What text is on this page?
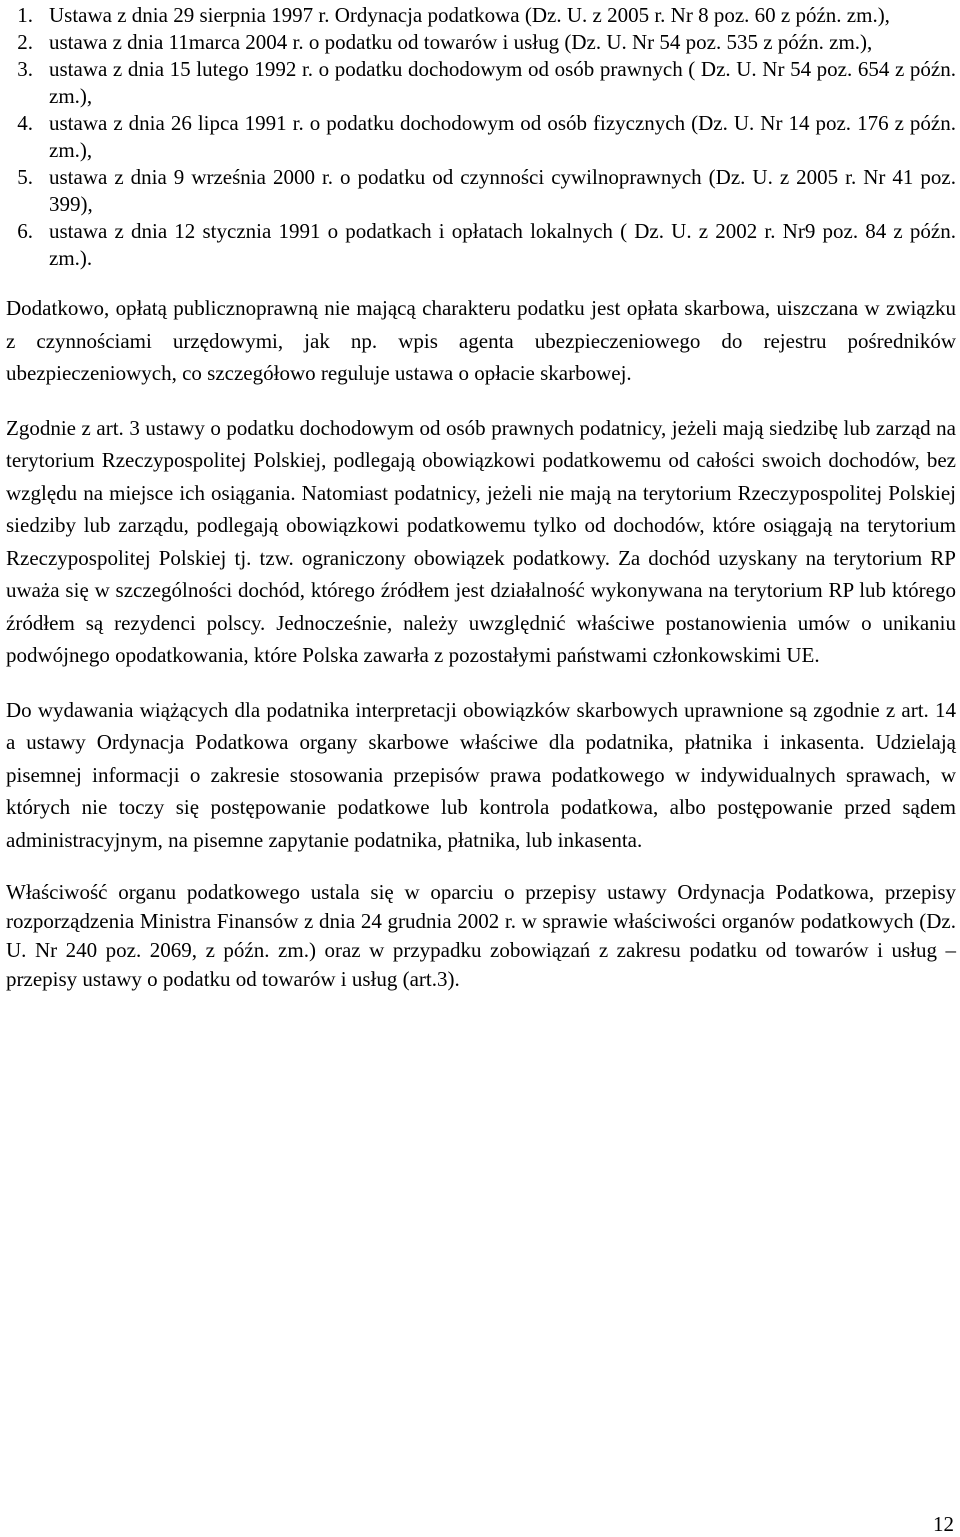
1. Ustawa z dnia 29 sierpnia 1997 r. Ordynacja podatkowa (Dz. U. z 2005 r. Nr 8 poz. 60 z późn. zm.),
2. ustawa z dnia 11marca 2004 r. o podatku od towarów i usług (Dz. U. Nr 54 poz. 535 z późn. zm.),
3. ustawa z dnia 15 lutego 1992 r. o podatku dochodowym od osób prawnych ( Dz. U. Nr 54 poz. 654 z późn. zm.),
4. ustawa z dnia 26 lipca 1991 r. o podatku dochodowym od osób fizycznych (Dz. U. Nr 14 poz. 176 z późn. zm.),
5. ustawa z dnia 9 września 2000 r. o podatku od czynności cywilnoprawnych (Dz. U. z 2005 r. Nr 41 poz. 399),
6. ustawa z dnia 12 stycznia 1991 o podatkach i opłatach lokalnych ( Dz. U. z 2002 r. Nr9 poz. 84 z późn. zm.).

Dodatkowo, opłatą publicznoprawną nie mającą charakteru podatku jest opłata skarbowa, uiszczana w związku z czynnościami urzędowymi, jak np. wpis agenta ubezpieczeniowego do rejestru pośredników ubezpieczeniowych, co szczegółowo reguluje ustawa o opłacie skarbowej.

Zgodnie z art. 3 ustawy o podatku dochodowym od osób prawnych podatnicy, jeżeli mają siedzibę lub zarząd na terytorium Rzeczypospolitej Polskiej, podlegają obowiązkowi podatkowemu od całości swoich dochodów, bez względu na miejsce ich osiągania. Natomiast podatnicy, jeżeli nie mają na terytorium Rzeczypospolitej Polskiej siedziby lub zarządu, podlegają obowiązkowi podatkowemu tylko od dochodów, które osiągają na terytorium Rzeczypospolitej Polskiej tj. tzw. ograniczony obowiązek podatkowy. Za dochód uzyskany na terytorium RP uważa się w szczególności dochód, którego źródłem jest działalność wykonywana na terytorium RP lub którego źródłem są rezydenci polscy. Jednocześnie, należy uwzględnić właściwe postanowienia umów o unikaniu podwójnego opodatkowania, które Polska zawarła z pozostałymi państwami członkowskimi UE.

Do wydawania wiążących dla podatnika interpretacji obowiązków skarbowych uprawnione są zgodnie z art. 14 a ustawy Ordynacja Podatkowa organy skarbowe właściwe dla podatnika, płatnika i inkasenta. Udzielają pisemnej informacji o zakresie stosowania przepisów prawa podatkowego w indywidualnych sprawach, w których nie toczy się postępowanie podatkowe lub kontrola podatkowa, albo postępowanie przed sądem administracyjnym, na pisemne zapytanie podatnika, płatnika, lub inkasenta.

Właściwość organu podatkowego ustala się w oparciu o przepisy ustawy Ordynacja Podatkowa, przepisy rozporządzenia Ministra Finansów z dnia 24 grudnia 2002 r. w sprawie właściwości organów podatkowych (Dz. U. Nr 240 poz. 2069, z późn. zm.) oraz w przypadku zobowiązań z zakresu podatku od towarów i usług – przepisy ustawy o podatku od towarów i usług (art.3).

12
